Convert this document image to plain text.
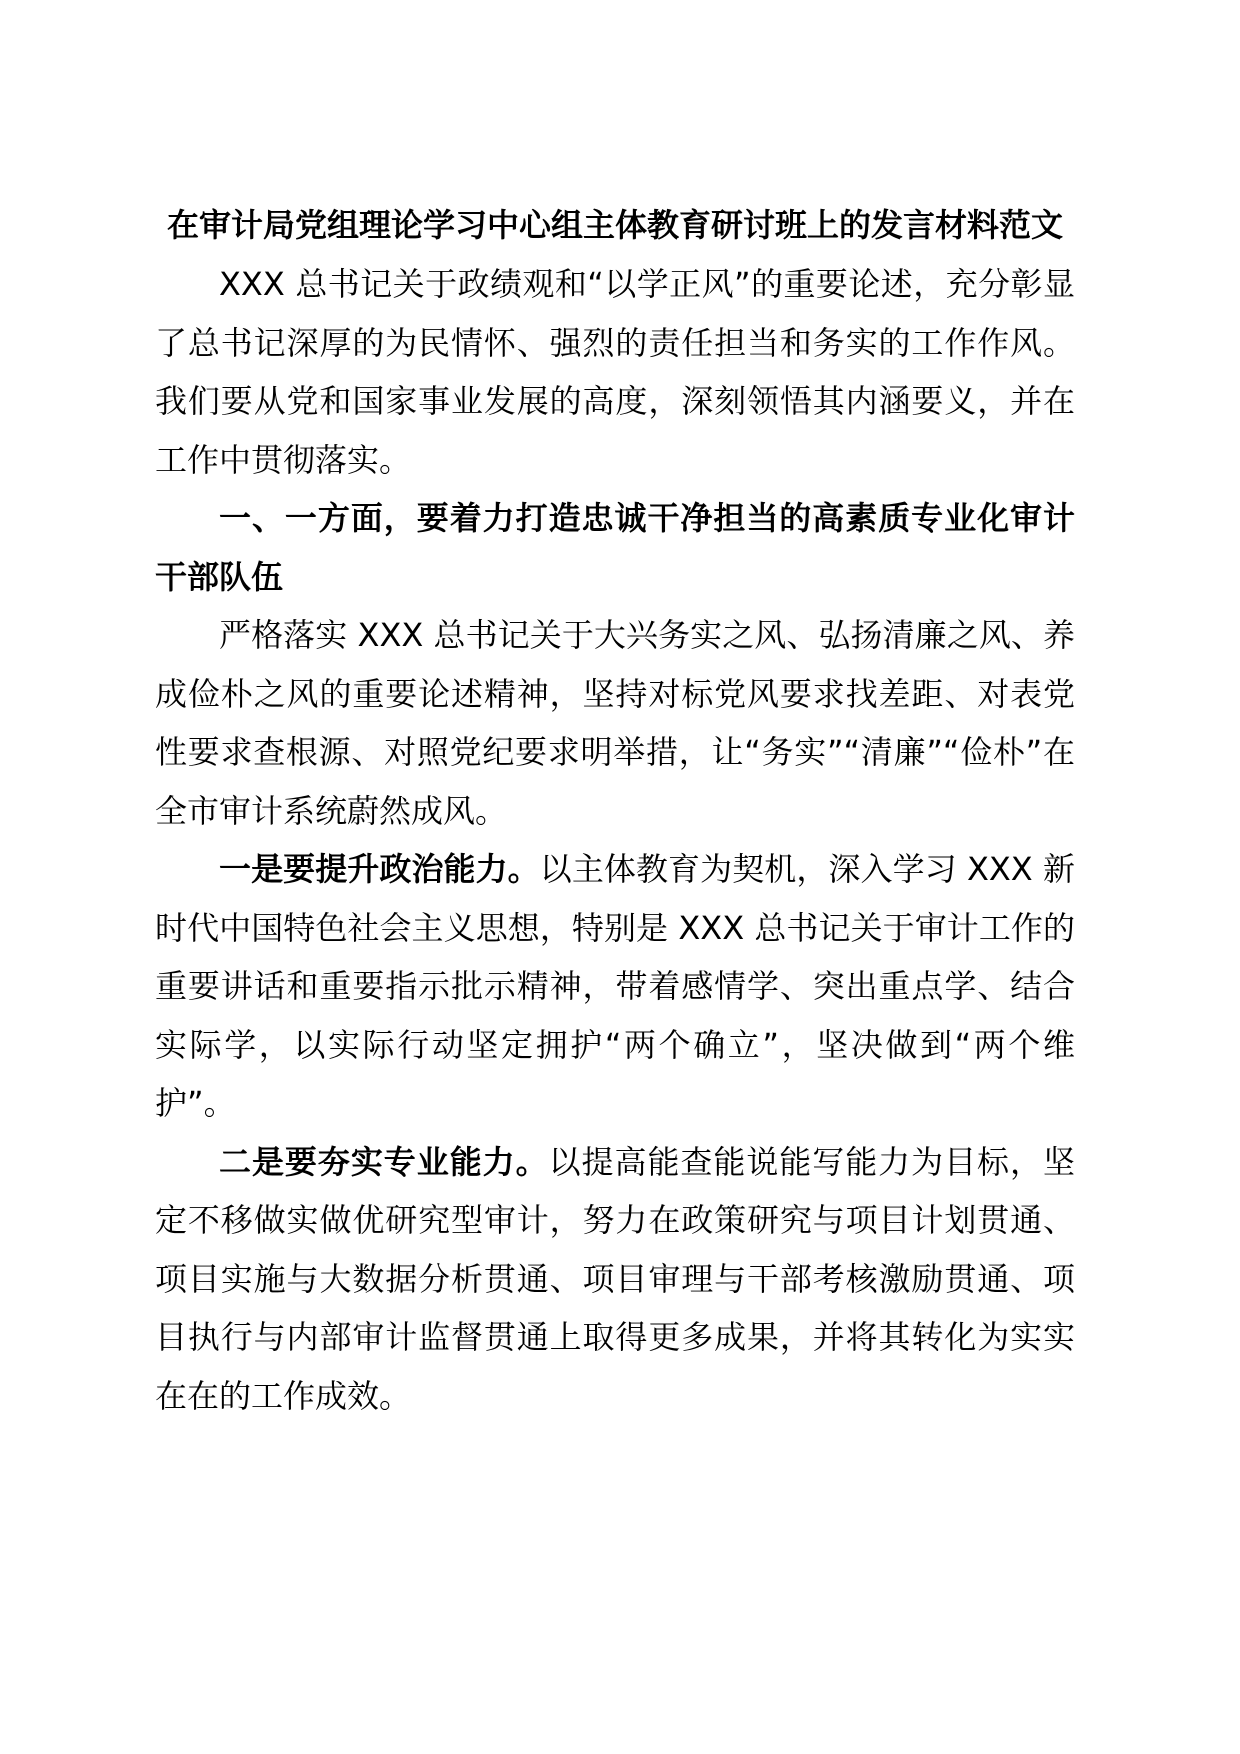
在审计局党组理论学习中心组主体教育研讨班上的发言材料范文

XXX 总书记关于政绩观和“以学正风”的重要论述，充分彰显了总书记深厚的为民情怀、强烈的责任担当和务实的工作作风。我们要从党和国家事业发展的高度，深刻领悟其内涵要义，并在工作中贯彻落实。

一、一方面，要着力打造忠诚干净担当的高素质专业化审计干部队伍

严格落实 XXX 总书记关于大兴务实之风、弘扬清廉之风、养成俭朴之风的重要论述精神，坚持对标党风要求找差距、对表党性要求查根源、对照党纪要求明举措，让“务实”“清廉”“俭朴”在全市审计系统蔚然成风。

一是要提升政治能力。以主体教育为契机，深入学习 XXX 新时代中国特色社会主义思想，特别是 XXX 总书记关于审计工作的重要讲话和重要指示批示精神，带着感情学、突出重点学、结合实际学，以实际行动坚定拥护“两个确立”，坚决做到“两个维护”。

二是要夯实专业能力。以提高能查能说能写能力为目标，坚定不移做实做优研究型审计，努力在政策研究与项目计划贯通、项目实施与大数据分析贯通、项目审理与干部考核激励贯通、项目执行与内部审计监督贯通上取得更多成果，并将其转化为实实在在的工作成效。
